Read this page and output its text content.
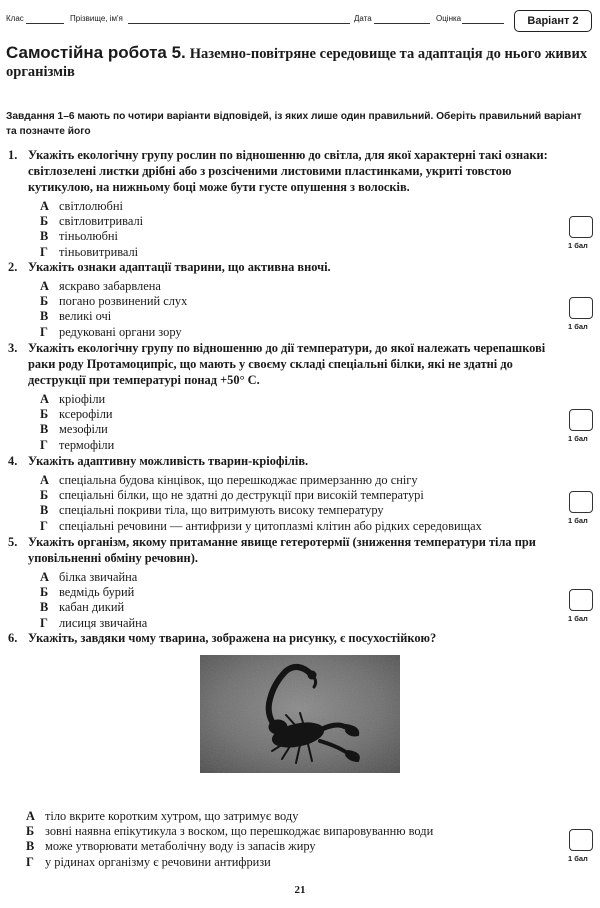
Клас	Прізвище, ім'я	Дата	Оцінка	Варіант 2
Самостійна робота 5. Наземно-повітряне середовище та адаптація до нього живих організмів
Завдання 1–6 мають по чотири варіанти відповідей, із яких лише один правильний. Оберіть правильний варіант та позначте його
1. Укажіть екологічну групу рослин по відношенню до світла, для якої характерні такі ознаки: світлозелені листки дрібні або з розсіченими листовими пластинками, укриті товстою кутикулою, на нижньому боці може бути густе опушення з волосків.
А світлолюбні
Б світловитривалі
В тіньолюбні
Г тіньовитривалі	1 бал
2. Укажіть ознаки адаптації тварини, що активна вночі.
А яскраво забарвлена
Б погано розвинений слух
В великі очі
Г редуковані органи зору	1 бал
3. Укажіть екологічну групу по відношенню до дії температури, до якої належать черепашкові раки роду Протамоципріс, що мають у своєму складі спеціальні білки, які не здатні до деструкції при температурі понад +50° С.
А кріофіли
Б ксерофіли
В мезофіли
Г термофіли	1 бал
4. Укажіть адаптивну можливість тварин-кріофілів.
А спеціальна будова кінцівок, що перешкоджає примерзанню до снігу
Б спеціальні білки, що не здатні до деструкції при високій температурі
В спеціальні покриви тіла, що витримують високу температуру
Г спеціальні речовини — антифризи у цитоплазмі клітин або рідких середовищах	1 бал
5. Укажіть організм, якому притаманне явище гетеротермії (зниження температури тіла при уповільненні обміну речовин).
А білка звичайна
Б ведмідь бурий
В кабан дикий
Г лисиця звичайна	1 бал
6. Укажіть, завдяки чому тварина, зображена на рисунку, є посухостійкою?
А тіло вкрите коротким хутром, що затримує воду
Б зовні наявна епікутикула з воском, що перешкоджає випаровуванню води
В може утворювати метаболічну воду із запасів жиру
Г у рідинах організму є речовини антифризи	1 бал
21
